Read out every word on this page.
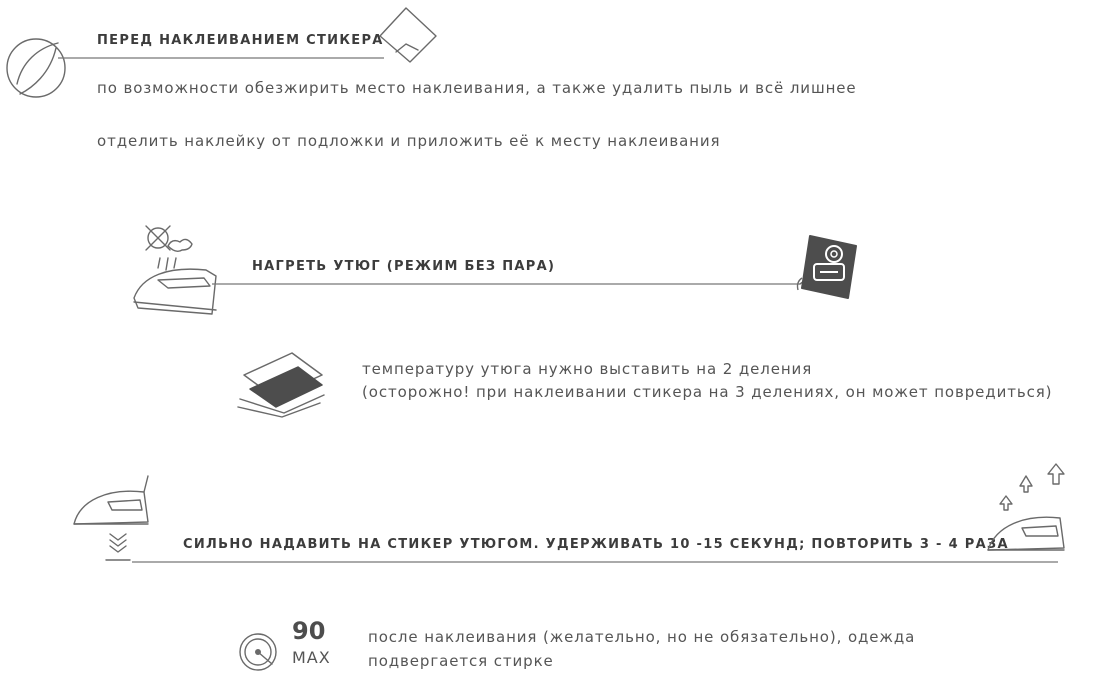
ПЕРЕД НАКЛЕИВАНИЕМ СТИКЕРА
по возможности обезжирить место наклеивания, а также удалить пыль и всё лишнее
отделить наклейку от подложки и приложить её к месту наклеивания
НАГРЕТЬ УТЮГ (РЕЖИМ БЕЗ ПАРА)
температуру утюга нужно выставить на 2 деления
(осторожно! при наклеивании стикера на 3 делениях, он может повредиться)
СИЛЬНО НАДАВИТЬ НА СТИКЕР УТЮГОМ. УДЕРЖИВАТЬ 10 -15 СЕКУНД; ПОВТОРИТЬ 3 - 4 РАЗА
90
MAX
после наклеивания (желательно, но не обязательно), одежда
подвергается стирке
